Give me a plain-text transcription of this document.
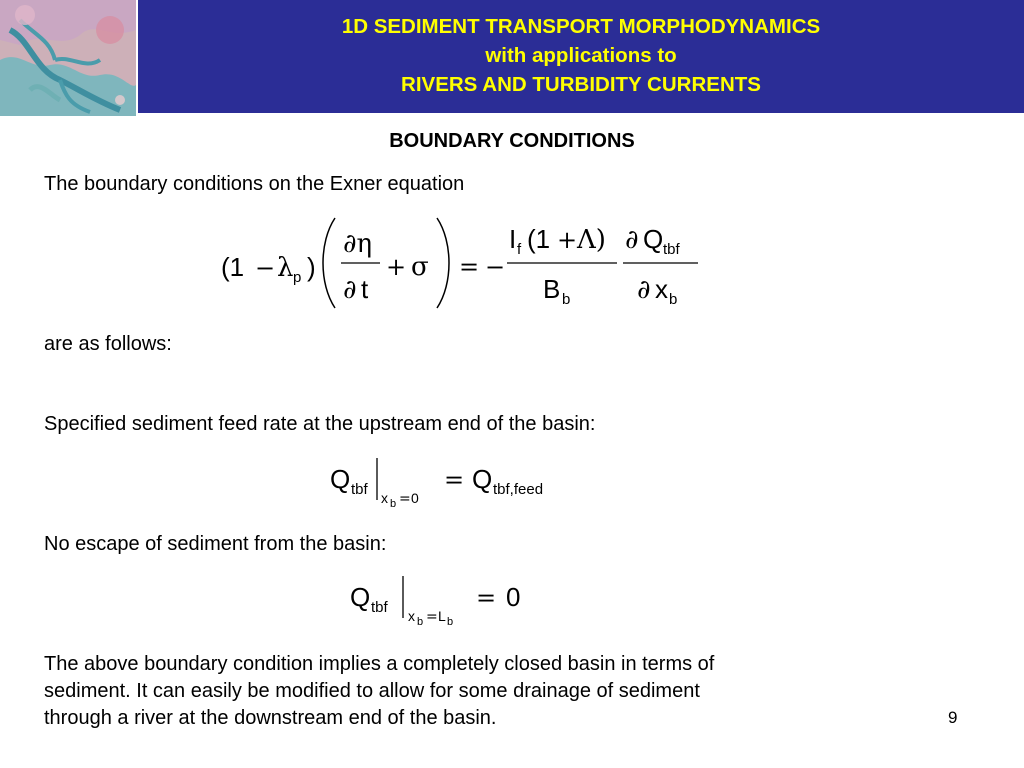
1D SEDIMENT TRANSPORT MORPHODYNAMICS
with applications to
RIVERS AND TURBIDITY CURRENTS
BOUNDARY CONDITIONS
The boundary conditions on the Exner equation
(1 − λ p )
∂η
∂ t
+ σ = −
I f (1 + Λ)
B b
∂ Q tbf
∂ x b
are as follows:
Specified sediment feed rate at the upstream end of the basin:
Q tbf x b = 0
= Q tbf,feed
No escape of sediment from the basin:
Q tbf x b = L b
= 0
The above boundary condition implies a completely closed basin in terms of
sediment. It can easily be modified to allow for some drainage of sediment
through a river at the downstream end of the basin.	9
